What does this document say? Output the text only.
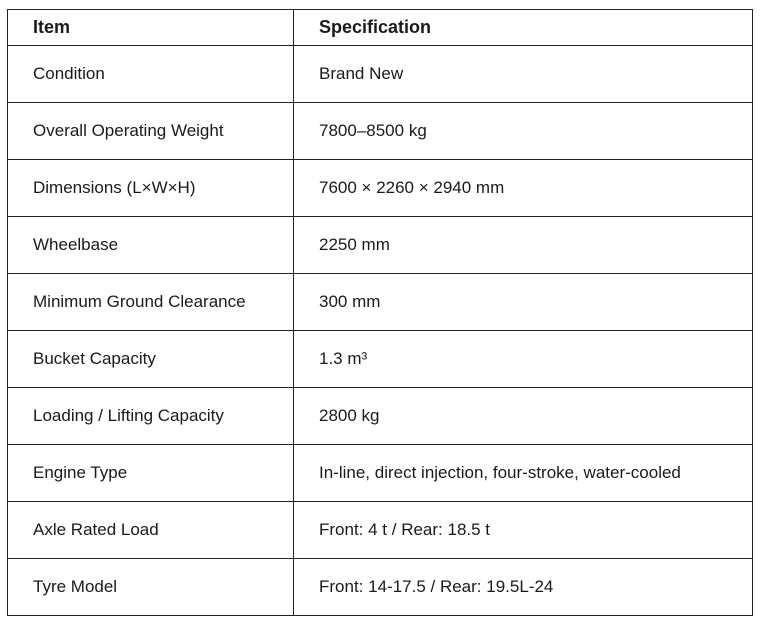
Item	Specification
Condition	Brand New
Overall Operating Weight	7800–8500 kg
Dimensions (L×W×H)	7600 × 2260 × 2940 mm
Wheelbase	2250 mm
Minimum Ground Clearance	300 mm
Bucket Capacity	1.3 m³
Loading / Lifting Capacity	2800 kg
Engine Type	In-line, direct injection, four-stroke, water-cooled
Axle Rated Load	Front: 4 t / Rear: 18.5 t
Tyre Model	Front: 14-17.5 / Rear: 19.5L-24
